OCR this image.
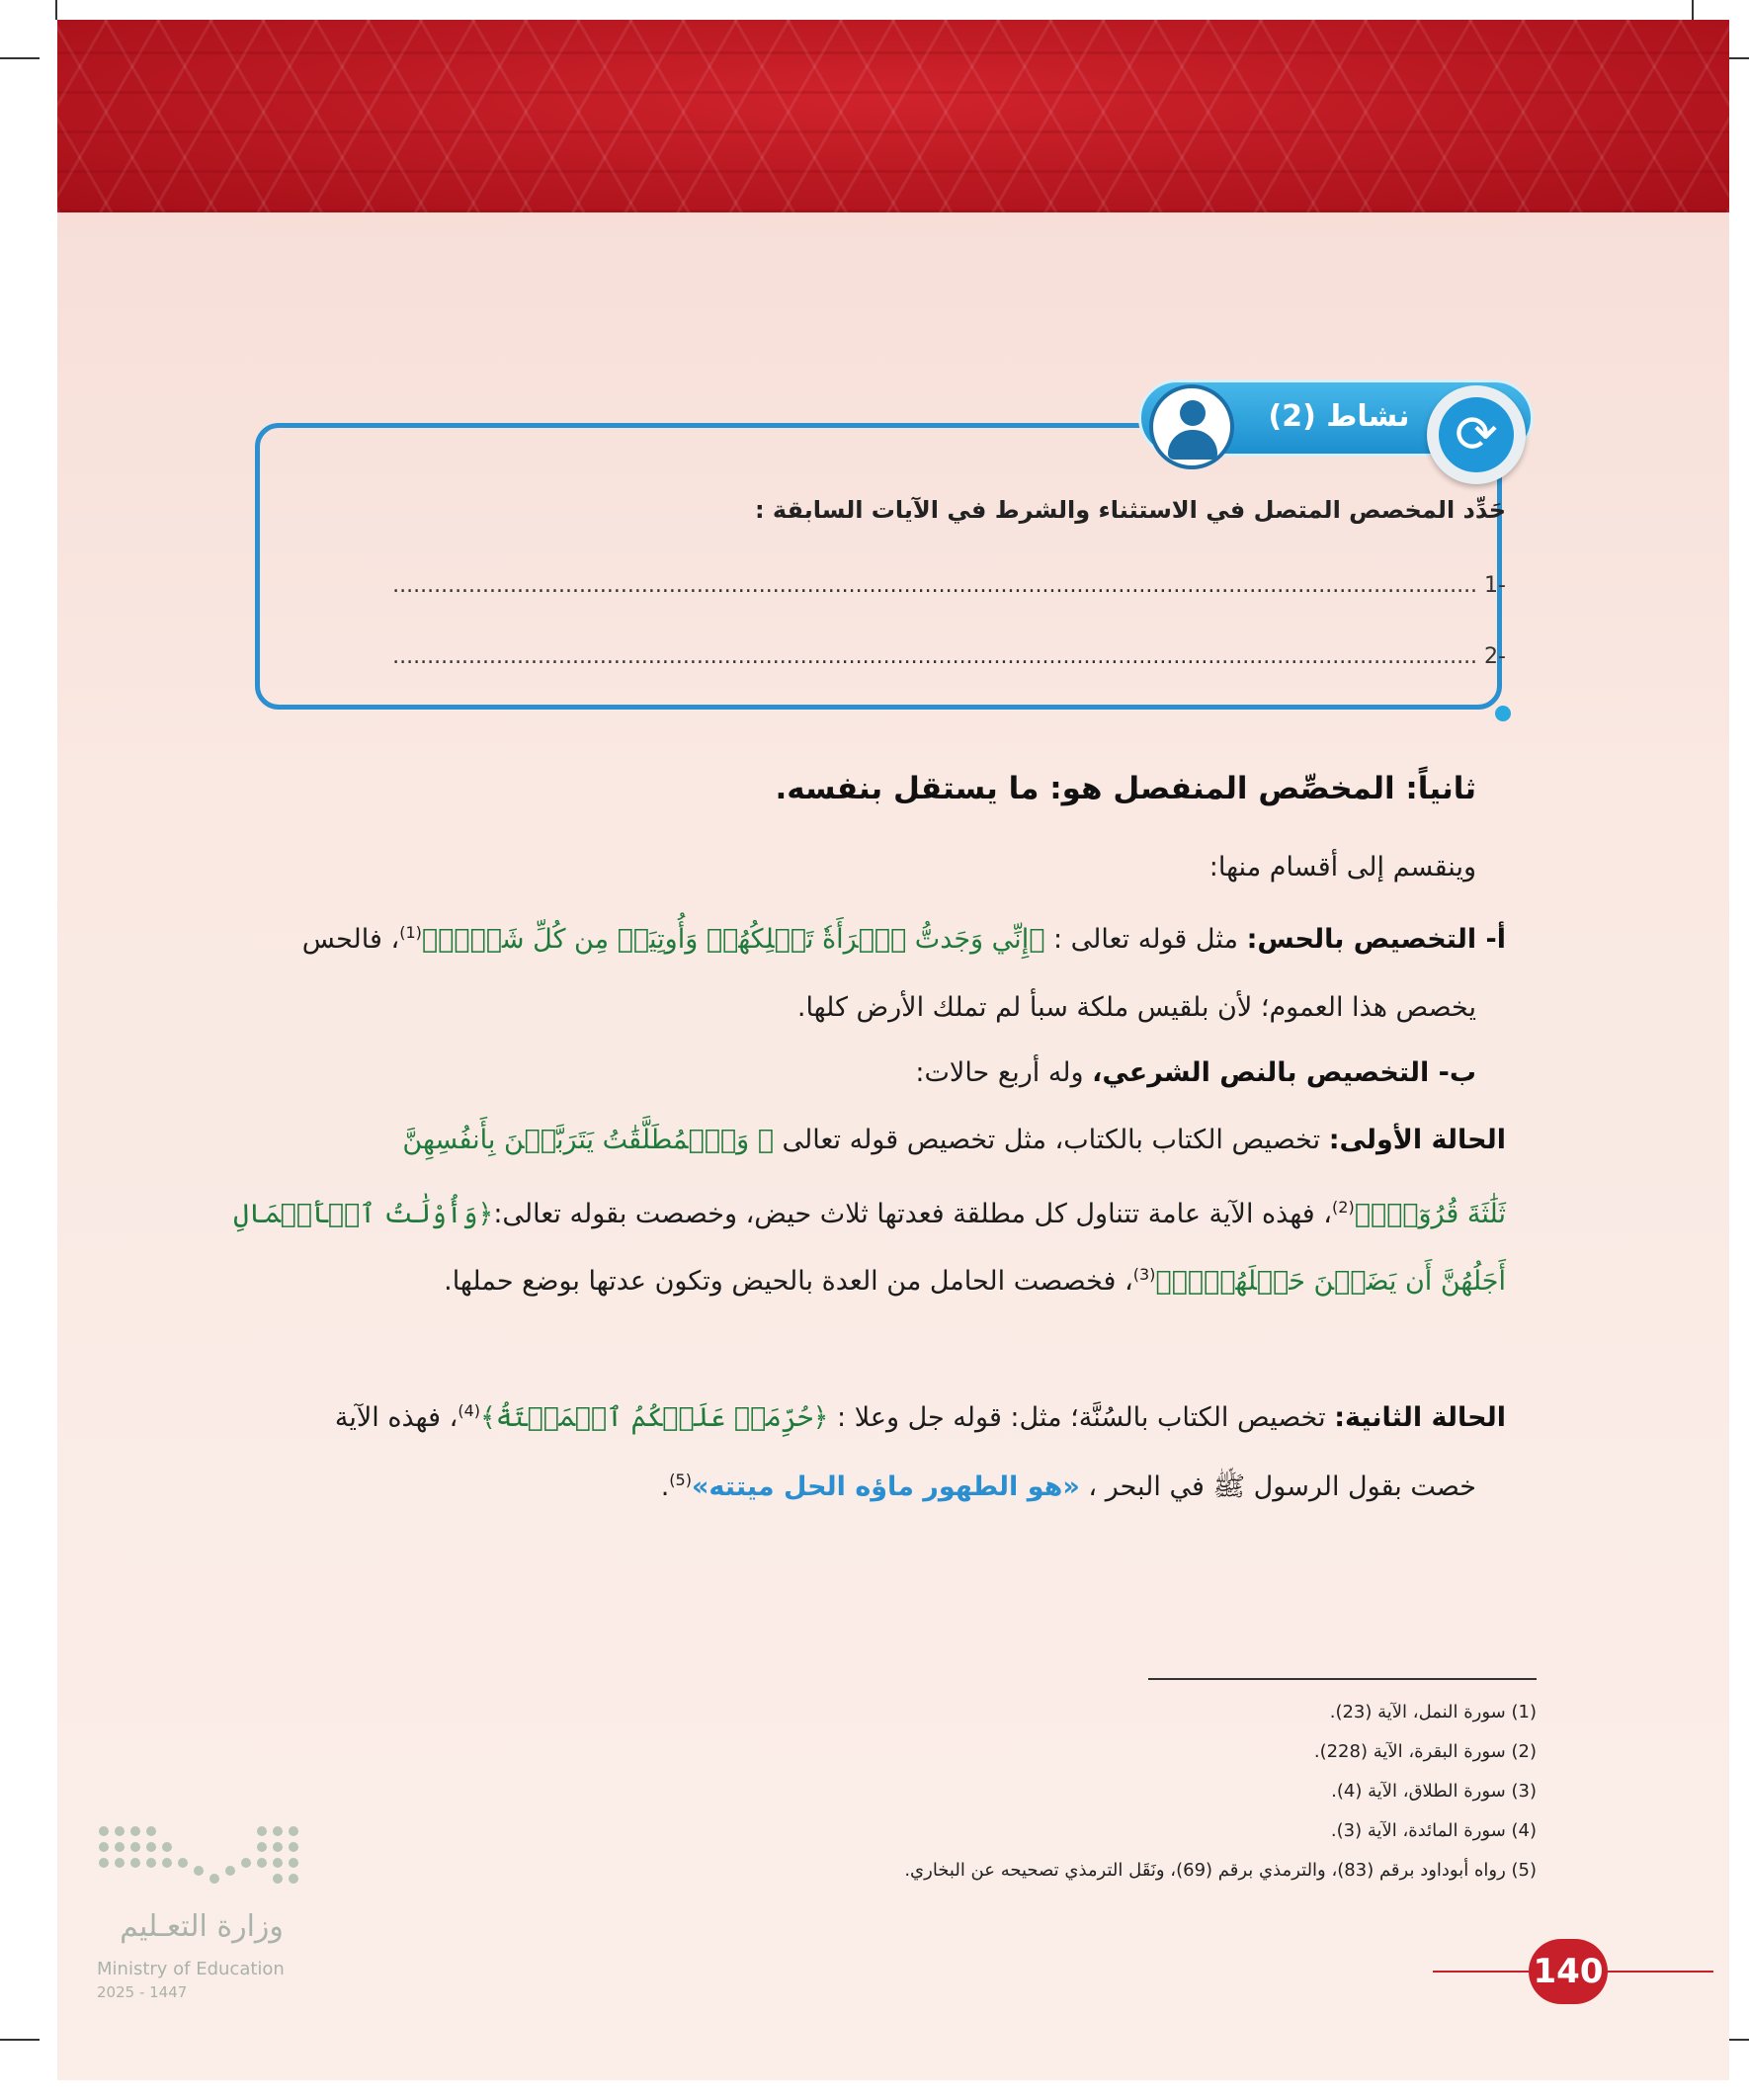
نشاط (2) ⟳
حَدِّد المخصص المتصل في الاستثناء والشرط في الآيات السابقة :
-1 .............................................................................................................................................................
-2 .............................................................................................................................................................
ثانياً: المخصِّص المنفصل هو: ما يستقل بنفسه.
وينقسم إلى أقسام منها:
أ- التخصيص بالحس: مثل قوله تعالى : ﴿إِنِّي وَجَدتُّ ٱمۡرَأَةٗ تَمۡلِكُهُمۡ وَأُوتِيَتۡ مِن كُلِّ شَيۡءٖ﴾$^{(1)}$، فالحس
يخصص هذا العموم؛ لأن بلقيس ملكة سبأ لم تملك الأرض كلها.
ب- التخصيص بالنص الشرعي، وله أربع حالات:
الحالة الأولى: تخصيص الكتاب بالكتاب، مثل تخصيص قوله تعالى ﴿ وَٱلۡمُطَلَّقَٰتُ يَتَرَبَّصۡنَ بِأَنفُسِهِنَّ
ثَلَٰثَةَ قُرُوٓءٖۚ﴾$^{(2)}$، فهذه الآية عامة تتناول كل مطلقة فعدتها ثلاث حيض، وخصصت بقوله تعالى:﴿وَأُوْلَٰتُ ٱلۡأَحۡمَالِ
أَجَلُهُنَّ أَن يَضَعۡنَ حَمۡلَهُنَّۚ﴾$^{(3)}$، فخصصت الحامل من العدة بالحيض وتكون عدتها بوضع حملها.
الحالة الثانية: تخصيص الكتاب بالسُنَّة؛ مثل: قوله جل وعلا : ﴿حُرِّمَتۡ عَلَيۡكُمُ ٱلۡمَيۡتَةُ﴾$^{(4)}$، فهذه الآية
خصت بقول الرسول ﷺ في البحر ، «هو الطهور ماؤه الحل ميتته»$^{(5)}$.
(1) سورة النمل، الآية (23).
(2) سورة البقرة، الآية (228).
(3) سورة الطلاق، الآية (4).
(4) سورة المائدة، الآية (3).
(5) رواه أبوداود برقم (83)، والترمذي برقم (69)، ونَقَل الترمذي تصحيحه عن البخاري.
وزارة التعـليم
Ministry of Education
2025 - 1447
140
